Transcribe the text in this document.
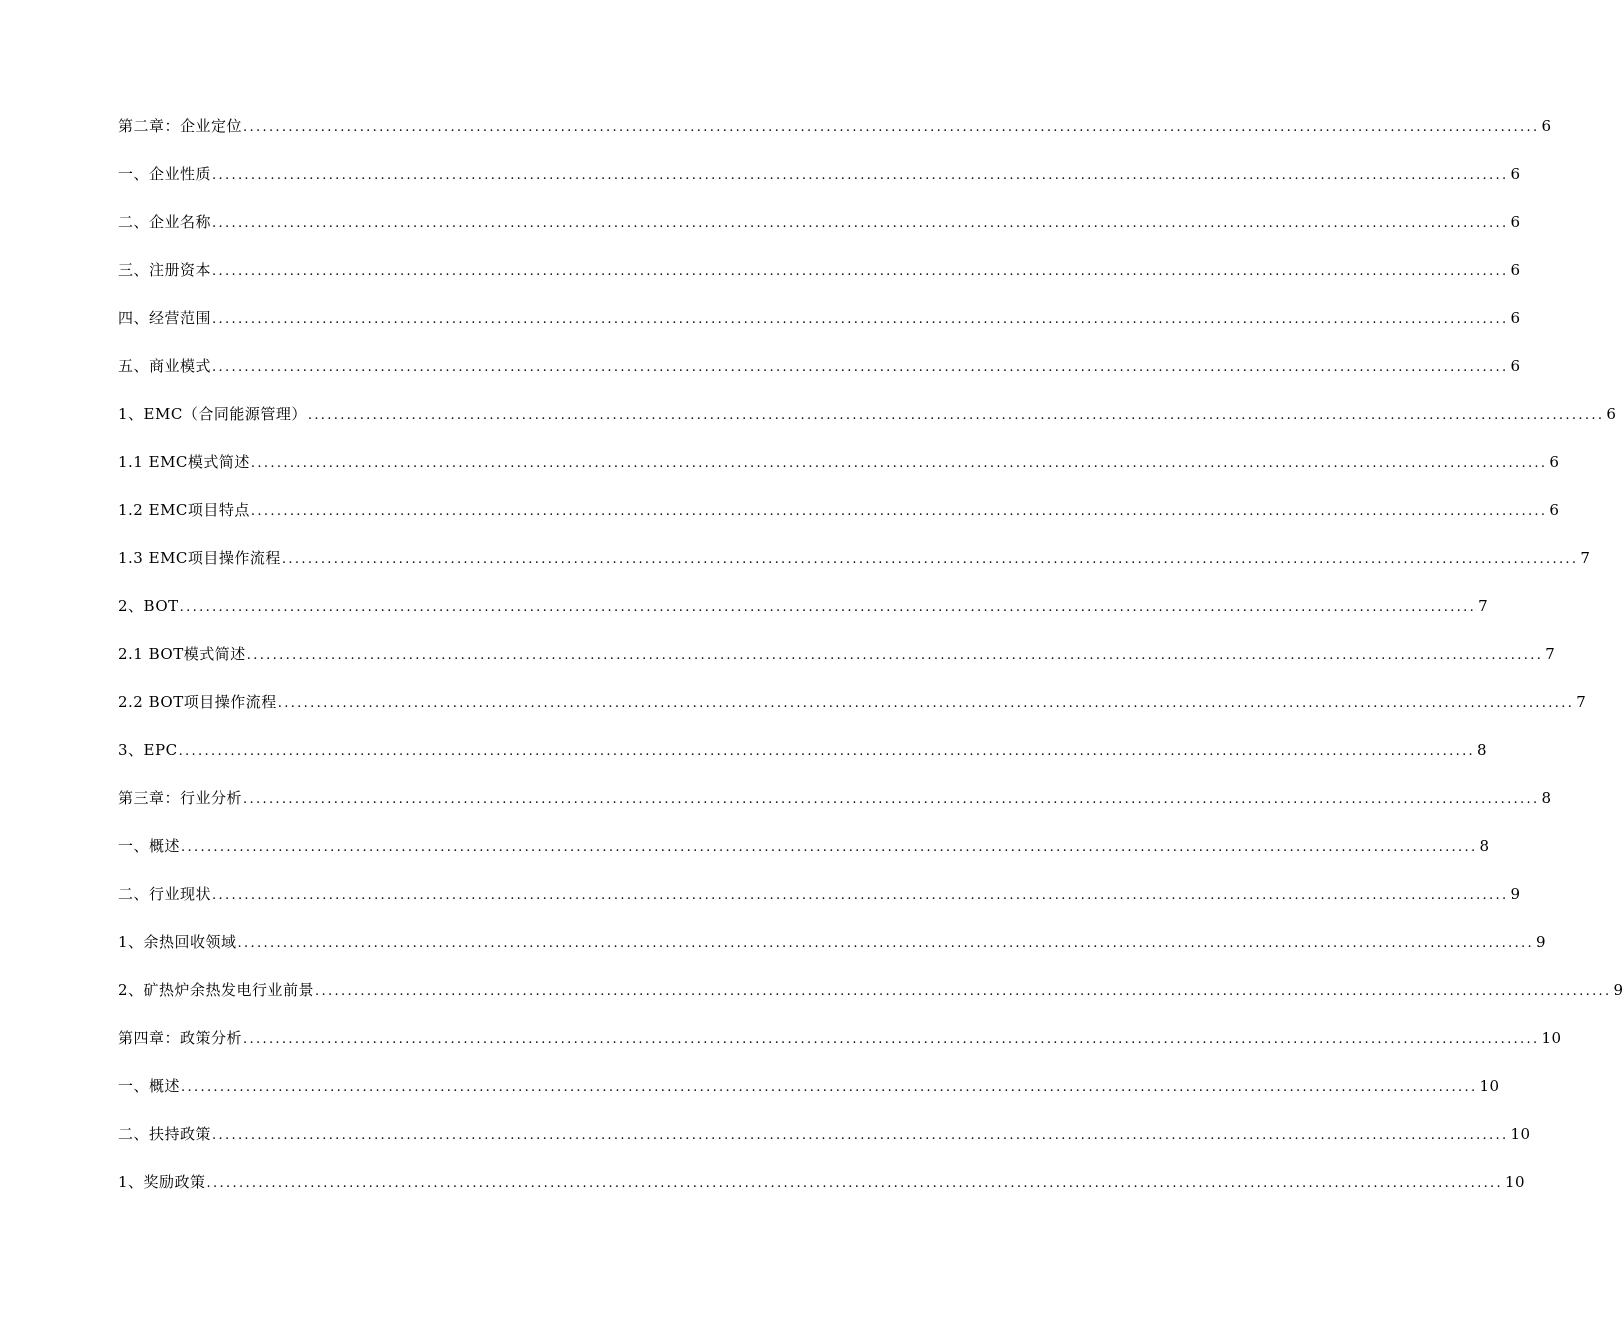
第二章：企业定位 ........................................................................................................................................................................................................ 6
一、企业性质 ........................................................................................................................................................................................................ 6
二、企业名称 ........................................................................................................................................................................................................ 6
三、注册资本 ........................................................................................................................................................................................................ 6
四、经营范围 ........................................................................................................................................................................................................ 6
五、商业模式 ........................................................................................................................................................................................................ 6
1、EMC（合同能源管理） ........................................................................................................................................................................................................ 6
1.1 EMC模式简述 ........................................................................................................................................................................................................ 6
1.2 EMC项目特点 ........................................................................................................................................................................................................ 6
1.3 EMC项目操作流程 ........................................................................................................................................................................................................ 7
2、BOT ........................................................................................................................................................................................................ 7
2.1 BOT模式简述 ........................................................................................................................................................................................................ 7
2.2 BOT项目操作流程 ........................................................................................................................................................................................................ 7
3、EPC ........................................................................................................................................................................................................ 8
第三章：行业分析 ........................................................................................................................................................................................................ 8
一、概述 ........................................................................................................................................................................................................ 8
二、行业现状 ........................................................................................................................................................................................................ 9
1、余热回收领域 ........................................................................................................................................................................................................ 9
2、矿热炉余热发电行业前景 ........................................................................................................................................................................................................ 9
第四章：政策分析 ........................................................................................................................................................................................................ 10
一、概述 ........................................................................................................................................................................................................ 10
二、扶持政策 ........................................................................................................................................................................................................ 10
1、奖励政策 ........................................................................................................................................................................................................ 10
